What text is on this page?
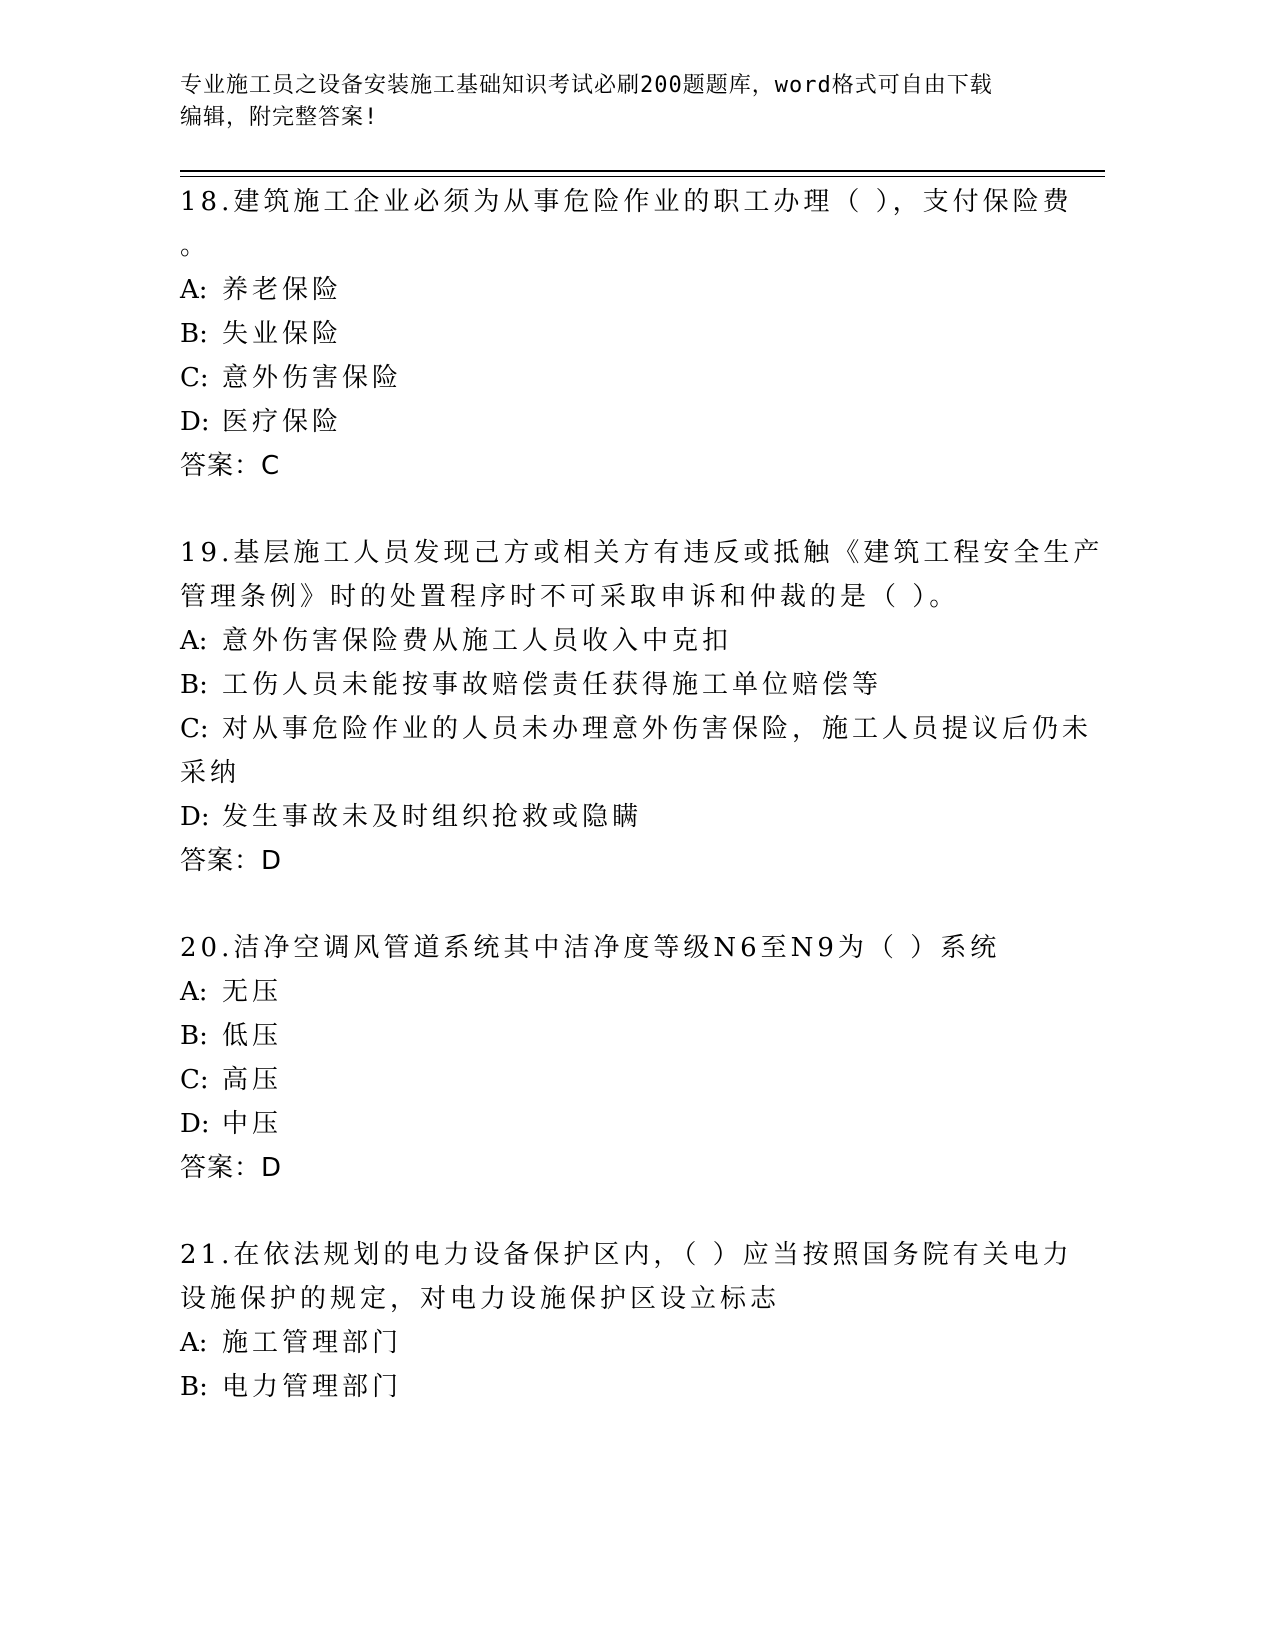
专业施工员之设备安装施工基础知识考试必刷200题题库，word格式可自由下载
编辑，附完整答案!
18.建筑施工企业必须为从事危险作业的职工办理（ ），支付保险费
。
A: 养老保险
B: 失业保险
C: 意外伤害保险
D: 医疗保险
答案：C
19.基层施工人员发现己方或相关方有违反或抵触《建筑工程安全生产
管理条例》时的处置程序时不可采取申诉和仲裁的是（ ）。
A: 意外伤害保险费从施工人员收入中克扣
B: 工伤人员未能按事故赔偿责任获得施工单位赔偿等
C: 对从事危险作业的人员未办理意外伤害保险，施工人员提议后仍未
采纳
D: 发生事故未及时组织抢救或隐瞒
答案：D
20.洁净空调风管道系统其中洁净度等级N6至N9为（ ）系统
A: 无压
B: 低压
C: 高压
D: 中压
答案：D
21.在依法规划的电力设备保护区内，（ ）应当按照国务院有关电力
设施保护的规定，对电力设施保护区设立标志
A: 施工管理部门
B: 电力管理部门
